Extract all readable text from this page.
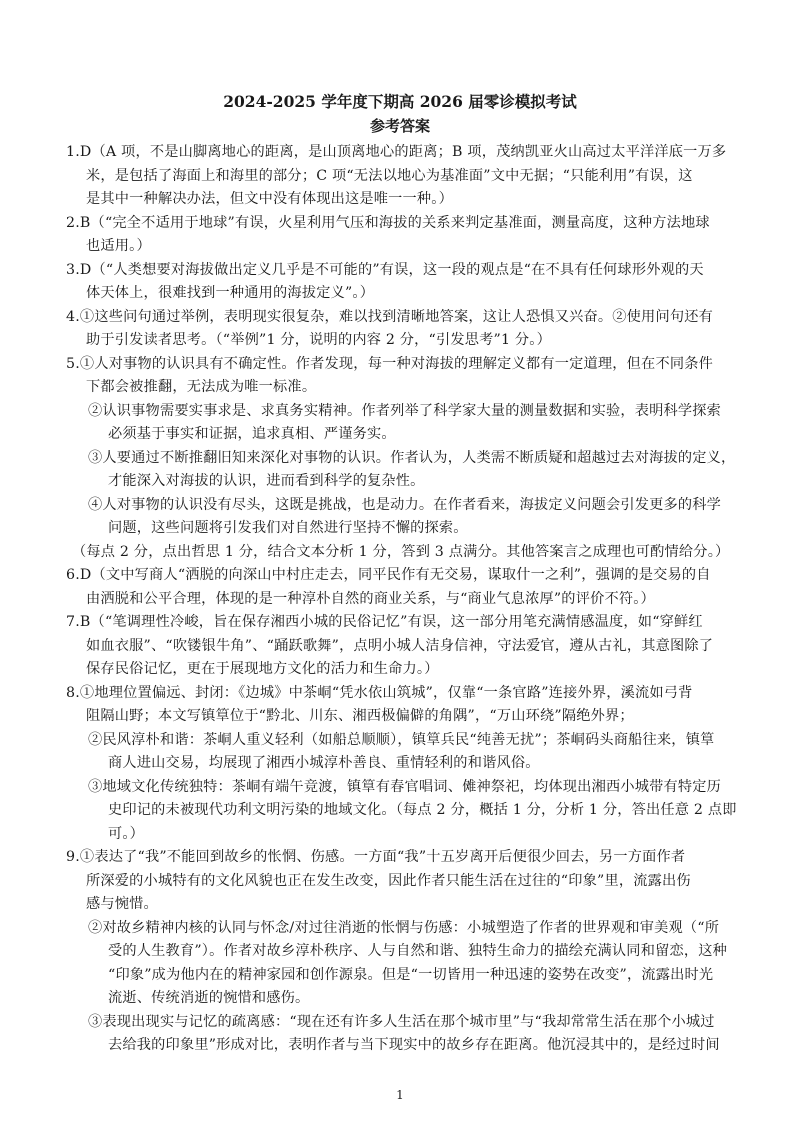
2024-2025 学年度下期高 2026 届零诊模拟考试
参考答案
1.D（A 项，不是山脚离地心的距离，是山顶离地心的距离；B 项，茂纳凯亚火山高过太平洋洋底一万多
米，是包括了海面上和海里的部分；C 项“无法以地心为基准面”文中无据；“只能利用”有误，这
是其中一种解决办法，但文中没有体现出这是唯一一种。）
2.B（“完全不适用于地球”有误，火星利用气压和海拔的关系来判定基准面，测量高度，这种方法地球
也适用。）
3.D（“人类想要对海拔做出定义几乎是不可能的”有误，这一段的观点是“在不具有任何球形外观的天
体天体上，很难找到一种通用的海拔定义”。）
4.①这些问句通过举例，表明现实很复杂，难以找到清晰地答案，这让人恐惧又兴奋。②使用问句还有
助于引发读者思考。（“举例”1 分，说明的内容 2 分，“引发思考”1 分。）
5.①人对事物的认识具有不确定性。作者发现，每一种对海拔的理解定义都有一定道理，但在不同条件
下都会被推翻，无法成为唯一标准。
②认识事物需要实事求是、求真务实精神。作者列举了科学家大量的测量数据和实验，表明科学探索
必须基于事实和证据，追求真相、严谨务实。
③人要通过不断推翻旧知来深化对事物的认识。作者认为，人类需不断质疑和超越过去对海拔的定义，
才能深入对海拔的认识，进而看到科学的复杂性。
④人对事物的认识没有尽头，这既是挑战，也是动力。在作者看来，海拔定义问题会引发更多的科学
问题，这些问题将引发我们对自然进行坚持不懈的探索。
（每点 2 分，点出哲思 1 分，结合文本分析 1 分，答到 3 点满分。其他答案言之成理也可酌情给分。）
6.D（文中写商人“洒脱的向深山中村庄走去，同平民作有无交易，谋取什一之利”，强调的是交易的自
由洒脱和公平合理，体现的是一种淳朴自然的商业关系，与“商业气息浓厚”的评价不符。）
7.B（“笔调理性冷峻，旨在保存湘西小城的民俗记忆”有误，这一部分用笔充满情感温度，如“穿鲜红
如血衣服”、“吹镂银牛角”、“踊跃歌舞”，点明小城人洁身信神，守法爱官，遵从古礼，其意图除了
保存民俗记忆，更在于展现地方文化的活力和生命力。）
8.①地理位置偏远、封闭：《边城》中茶峒“凭水依山筑城”，仅靠“一条官路”连接外界，溪流如弓背
阻隔山野；本文写镇筸位于“黔北、川东、湘西极偏僻的角隅”，“万山环绕”隔绝外界；
②民风淳朴和谐：茶峒人重义轻利（如船总顺顺），镇筸兵民“纯善无扰”；茶峒码头商船往来，镇筸
商人进山交易，均展现了湘西小城淳朴善良、重情轻利的和谐风俗。
③地域文化传统独特：茶峒有端午竞渡，镇筸有春官唱词、傩神祭祀，均体现出湘西小城带有特定历
史印记的未被现代功利文明污染的地域文化。（每点 2 分，概括 1 分，分析 1 分，答出任意 2 点即
可。）
9.①表达了“我”不能回到故乡的怅惘、伤感。一方面“我”十五岁离开后便很少回去，另一方面作者
所深爱的小城特有的文化风貌也正在发生改变，因此作者只能生活在过往的“印象”里，流露出伤
感与惋惜。
②对故乡精神内核的认同与怀念/对过往消逝的怅惘与伤感：小城塑造了作者的世界观和审美观（“所
受的人生教育”）。作者对故乡淳朴秩序、人与自然和谐、独特生命力的描绘充满认同和留恋，这种
“印象”成为他内在的精神家园和创作源泉。但是“一切皆用一种迅速的姿势在改变”，流露出时光
流逝、传统消逝的惋惜和感伤。
③表现出现实与记忆的疏离感：“现在还有许多人生活在那个城市里”与“我却常常生活在那个小城过
去给我的印象里”形成对比，表明作者与当下现实中的故乡存在距离。他沉浸其中的，是经过时间
1
